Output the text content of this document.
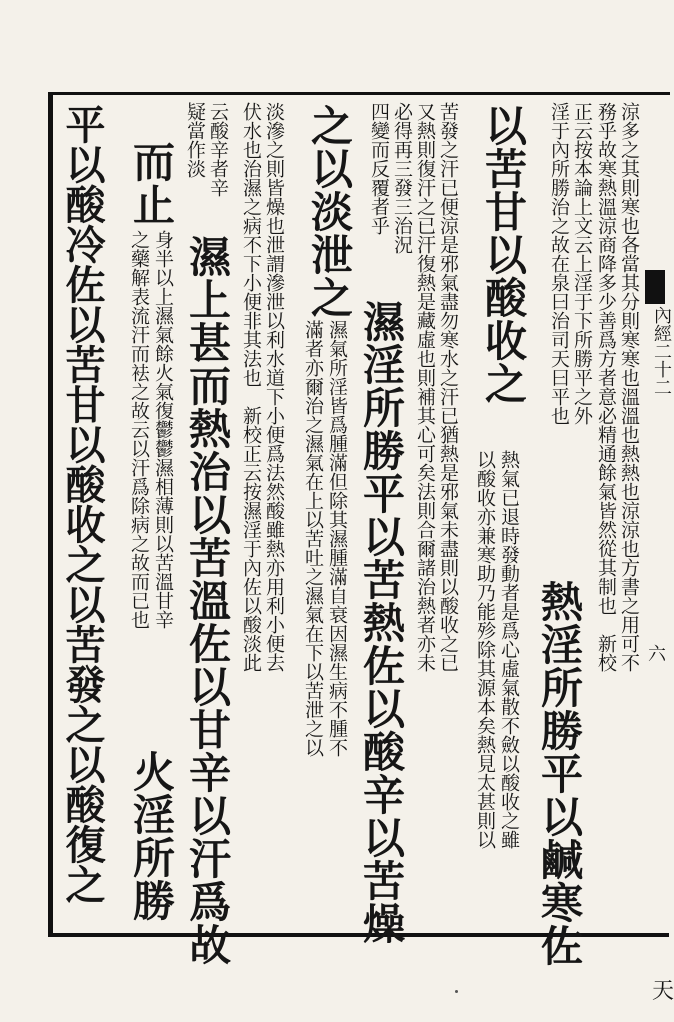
內經二十二
六
天
涼多之其則寒也各當其分則寒寒也溫溫也熱熱也涼涼也方書之用可不
務乎故寒熱溫涼商降多少善爲方者意必精通餘氣皆然從其制也　新校
正云按本論上文云上淫于下所勝平之外
熱淫所勝平以鹹寒佐
淫于內所勝治之故在泉曰治司天曰平也
以苦甘以酸收之
熱氣已退時發動者是爲心虛氣散不斂以酸收之雖
以酸收亦兼寒助乃能殄除其源本矣熱見太甚則以
苦發之汗已便涼是邪氣盡勿寒水之汗已猶熱是邪氣未盡則以酸收之已
又熱則復汗之已汗復熱是藏虛也則補其心可矣法則合爾諸治熱者亦未
必得再三發三治況
濕淫所勝平以苦熱佐以酸辛以苦燥
四變而反覆者乎
之以淡泄之
濕氣所淫皆爲腫滿但除其濕腫滿自衰因濕生病不腫不
滿者亦爾治之濕氣在上以苦吐之濕氣在下以苦泄之以
淡滲之則皆燥也泄謂滲泄以利水道下小便爲法然酸雖熱亦用利小便去
伏水也治濕之病不下小便非其法也　新校正云按濕淫于內佐以酸淡此
云酸辛者辛
濕上甚而熱治以苦溫佐以甘辛以汗爲故
疑當作淡
而止
身半以上濕氣餘火氣復鬱鬱濕相薄則以苦溫甘辛
火淫所勝
之藥解表流汗而袪之故云以汗爲除病之故而已也
平以酸冷佐以苦甘以酸收之以苦發之以酸復之
